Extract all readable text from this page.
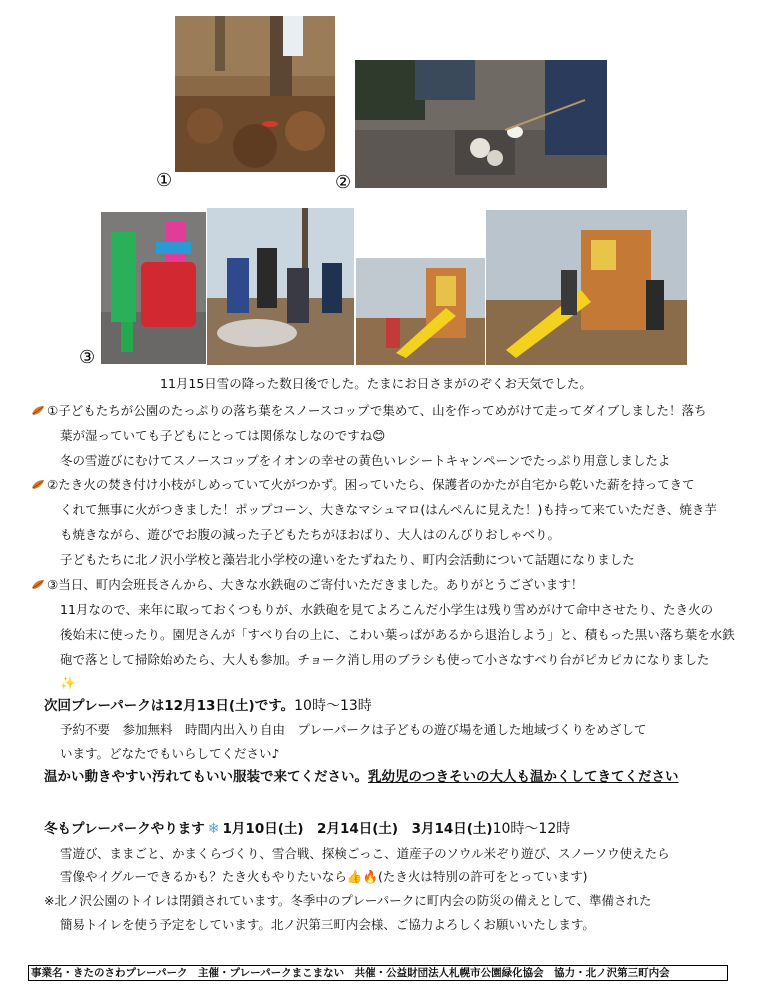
①	②
③
11月15日雪の降った数日後でした。たまにお日さまがのぞくお天気でした。
①子どもたちが公園のたっぷりの落ち葉をスノースコップで集めて、山を作ってめがけて走ってダイブしました！落ち
葉が湿っていても子どもにとっては関係なしなのですね😊
冬の雪遊びにむけてスノースコップをイオンの幸せの黄色いレシートキャンペーンでたっぷり用意しましたよ
②たき火の焚き付け小枝がしめっていて火がつかず。困っていたら、保護者のかたが自宅から乾いた薪を持ってきて
くれて無事に火がつきました！ポップコーン、大きなマシュマロ(はんぺんに見えた！)も持って来ていただき、焼き芋
も焼きながら、遊びでお腹の減った子どもたちがほおばり、大人はのんびりおしゃべり。
子どもたちに北ノ沢小学校と藻岩北小学校の違いをたずねたり、町内会活動について話題になりました
③当日、町内会班長さんから、大きな水鉄砲のご寄付いただきました。ありがとうございます！
11月なので、来年に取っておくつもりが、水鉄砲を見てよろこんだ小学生は残り雪めがけて命中させたり、たき火の
後始末に使ったり。園児さんが「すべり台の上に、こわい葉っぱがあるから退治しよう」と、積もった黒い落ち葉を水鉄
砲で落として掃除始めたら、大人も参加。チョーク消し用のブラシも使って小さなすべり台がピカピカになりました
✨
次回プレーパークは12月13日(土)です。10時～13時
予約不要　参加無料　時間内出入り自由　プレーパークは子どもの遊び場を通した地域づくりをめざして
います。どなたでもいらしてください♪
温かい動きやすい汚れてもいい服装で来てください。乳幼児のつきそいの大人も温かくしてきてください
冬もプレーパークやります ❄ 1月10日(土)　2月14日(土)　3月14日(土)10時～12時
雪遊び、ままごと、かまくらづくり、雪合戦、探検ごっこ、道産子のソウル米ぞり遊び、スノーソウ使えたら
雪像やイグルーできるかも？たき火もやりたいなら👍🔥(たき火は特別の許可をとっています)
※北ノ沢公園のトイレは閉鎖されています。冬季中のプレーパークに町内会の防災の備えとして、準備された
簡易トイレを使う予定をしています。北ノ沢第三町内会様、ご協力よろしくお願いいたします。
事業名・きたのさわプレーパーク　主催・プレーパークまこまない　共催・公益財団法人札幌市公園緑化協会　協力・北ノ沢第三町内会
